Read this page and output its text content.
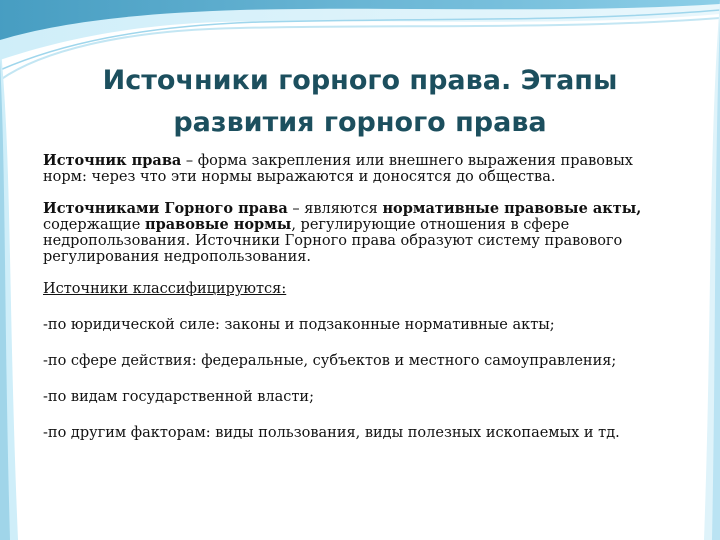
Источники горного права. Этапы
развития горного права

Источник права – форма закрепления или внешнего выражения правовых норм: через что эти нормы выражаются и доносятся до общества.

Источниками Горного права – являются нормативные правовые акты, содержащие правовые нормы, регулирующие отношения в сфере недропользования. Источники Горного права образуют систему правового регулирования недропользования.

Источники классифицируются:

-по юридической силе: законы и подзаконные нормативные акты;

-по сфере действия: федеральные, субъектов и местного самоуправления;

-по видам государственной власти;

-по другим факторам: виды пользования, виды полезных ископаемых и тд.
